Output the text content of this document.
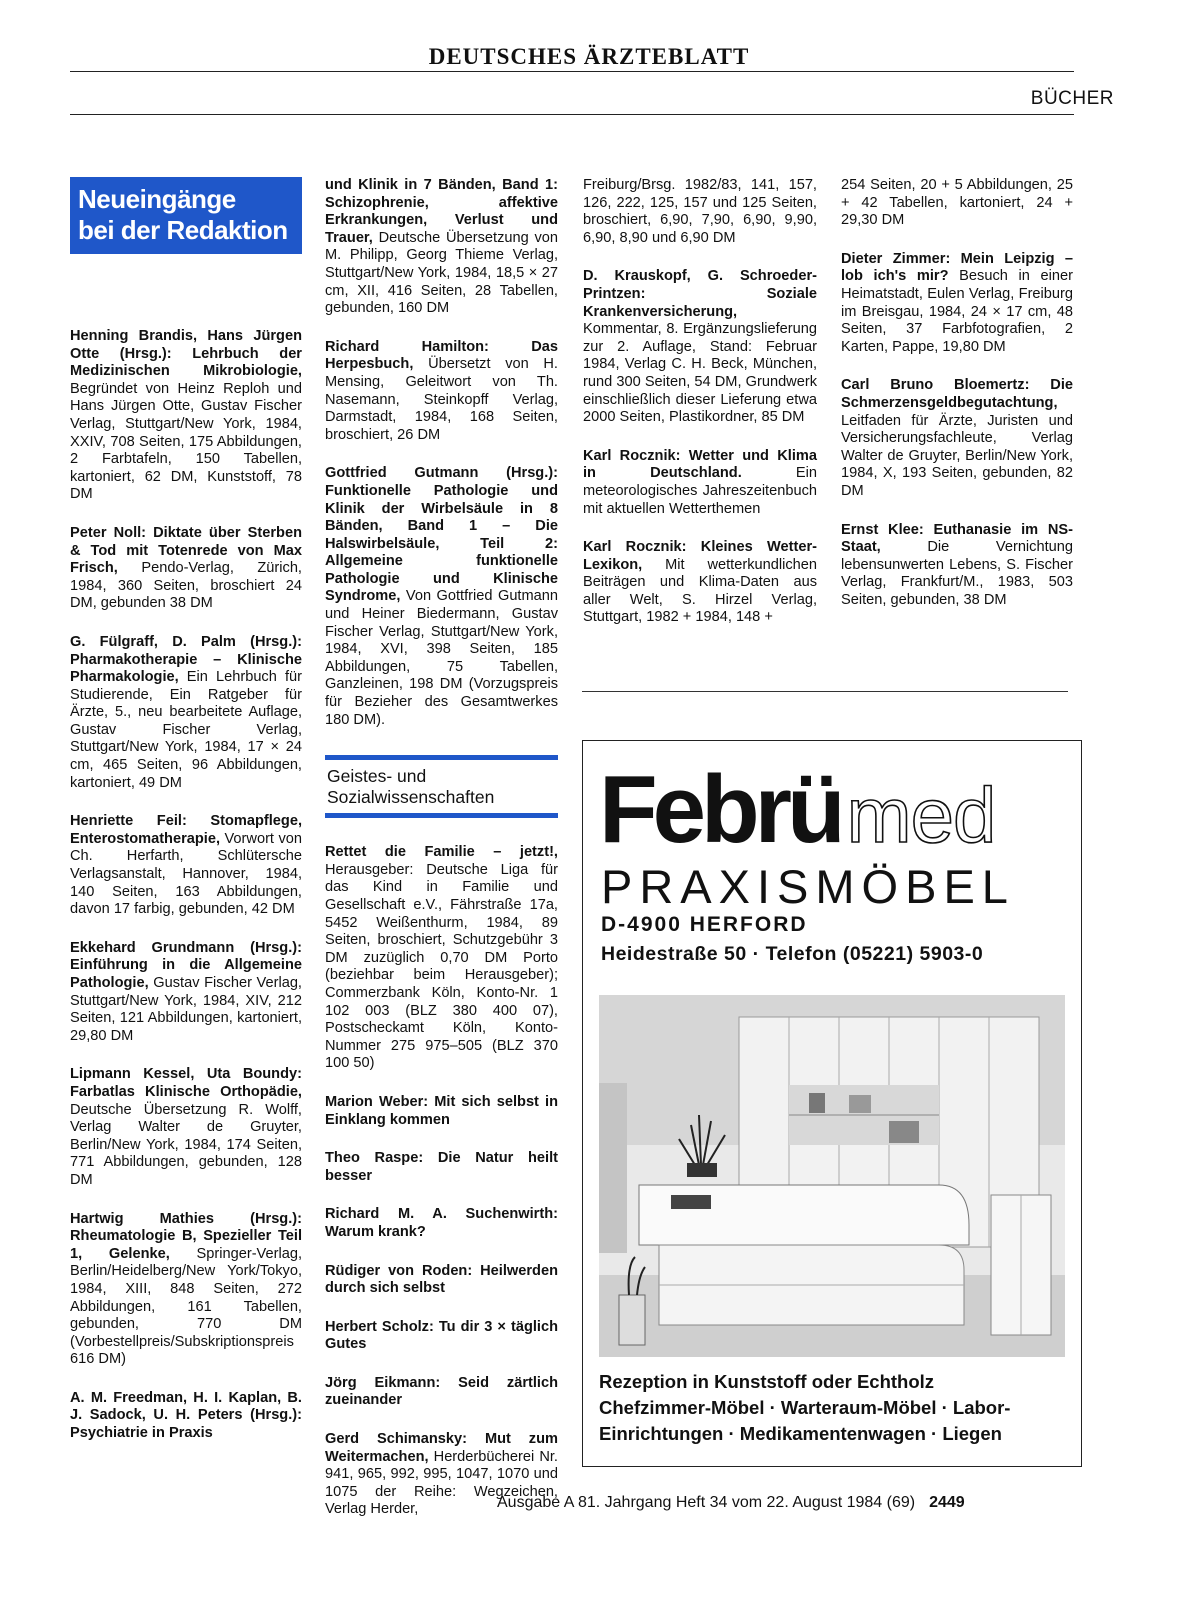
DEUTSCHES ÄRZTEBLATT
BÜCHER
Neueingänge
bei der Redaktion
Henning Brandis, Hans Jürgen Otte (Hrsg.): Lehrbuch der Medizinischen Mikrobiologie, Begründet von Heinz Reploh und Hans Jürgen Otte, Gustav Fischer Verlag, Stuttgart/New York, 1984, XXIV, 708 Seiten, 175 Abbildungen, 2 Farbtafeln, 150 Tabellen, kartoniert, 62 DM, Kunststoff, 78 DM
Peter Noll: Diktate über Sterben & Tod mit Totenrede von Max Frisch, Pendo-Verlag, Zürich, 1984, 360 Seiten, broschiert 24 DM, gebunden 38 DM
G. Fülgraff, D. Palm (Hrsg.): Pharmakotherapie – Klinische Pharmakologie, Ein Lehrbuch für Studierende, Ein Ratgeber für Ärzte, 5., neu bearbeitete Auflage, Gustav Fischer Verlag, Stuttgart/New York, 1984, 17 × 24 cm, 465 Seiten, 96 Abbildungen, kartoniert, 49 DM
Henriette Feil: Stomapflege, Enterostomatherapie, Vorwort von Ch. Herfarth, Schlütersche Verlagsanstalt, Hannover, 1984, 140 Seiten, 163 Abbildungen, davon 17 farbig, gebunden, 42 DM
Ekkehard Grundmann (Hrsg.): Einführung in die Allgemeine Pathologie, Gustav Fischer Verlag, Stuttgart/New York, 1984, XIV, 212 Seiten, 121 Abbildungen, kartoniert, 29,80 DM
Lipmann Kessel, Uta Boundy: Farbatlas Klinische Orthopädie, Deutsche Übersetzung R. Wolff, Verlag Walter de Gruyter, Berlin/New York, 1984, 174 Seiten, 771 Abbildungen, gebunden, 128 DM
Hartwig Mathies (Hrsg.): Rheumatologie B, Spezieller Teil 1, Gelenke, Springer-Verlag, Berlin/Heidelberg/New York/Tokyo, 1984, XIII, 848 Seiten, 272 Abbildungen, 161 Tabellen, gebunden, 770 DM (Vorbestellpreis/Subskriptionspreis 616 DM)
A. M. Freedman, H. I. Kaplan, B. J. Sadock, U. H. Peters (Hrsg.): Psychiatrie in Praxis
und Klinik in 7 Bänden, Band 1: Schizophrenie, affektive Erkrankungen, Verlust und Trauer, Deutsche Übersetzung von M. Philipp, Georg Thieme Verlag, Stuttgart/New York, 1984, 18,5 × 27 cm, XII, 416 Seiten, 28 Tabellen, gebunden, 160 DM
Richard Hamilton: Das Herpesbuch, Übersetzt von H. Mensing, Geleitwort von Th. Nasemann, Steinkopff Verlag, Darmstadt, 1984, 168 Seiten, broschiert, 26 DM
Gottfried Gutmann (Hrsg.): Funktionelle Pathologie und Klinik der Wirbelsäule in 8 Bänden, Band 1 – Die Halswirbelsäule, Teil 2: Allgemeine funktionelle Pathologie und Klinische Syndrome, Von Gottfried Gutmann und Heiner Biedermann, Gustav Fischer Verlag, Stuttgart/New York, 1984, XVI, 398 Seiten, 185 Abbildungen, 75 Tabellen, Ganzleinen, 198 DM (Vorzugspreis für Bezieher des Gesamtwerkes 180 DM).
Geistes- und
Sozialwissenschaften
Rettet die Familie – jetzt!, Herausgeber: Deutsche Liga für das Kind in Familie und Gesellschaft e.V., Fährstraße 17a, 5452 Weißenthurm, 1984, 89 Seiten, broschiert, Schutzgebühr 3 DM zuzüglich 0,70 DM Porto (beziehbar beim Herausgeber); Commerzbank Köln, Konto-Nr. 1 102 003 (BLZ 380 400 07), Postscheckamt Köln, Konto-Nummer 275 975–505 (BLZ 370 100 50)
Marion Weber: Mit sich selbst in Einklang kommen
Theo Raspe: Die Natur heilt besser
Richard M. A. Suchenwirth: Warum krank?
Rüdiger von Roden: Heilwerden durch sich selbst
Herbert Scholz: Tu dir 3 × täglich Gutes
Jörg Eikmann: Seid zärtlich zueinander
Gerd Schimansky: Mut zum Weitermachen, Herderbücherei Nr. 941, 965, 992, 995, 1047, 1070 und 1075 der Reihe: Wegzeichen, Verlag Herder,
Freiburg/Brsg. 1982/83, 141, 157, 126, 222, 125, 157 und 125 Seiten, broschiert, 6,90, 7,90, 6,90, 9,90, 6,90, 8,90 und 6,90 DM
D. Krauskopf, G. Schroeder-Printzen: Soziale Krankenversicherung, Kommentar, 8. Ergänzungslieferung zur 2. Auflage, Stand: Februar 1984, Verlag C. H. Beck, München, rund 300 Seiten, 54 DM, Grundwerk einschließlich dieser Lieferung etwa 2000 Seiten, Plastikordner, 85 DM
Karl Rocznik: Wetter und Klima in Deutschland. Ein meteorologisches Jahreszeitenbuch mit aktuellen Wetterthemen
Karl Rocznik: Kleines Wetter-Lexikon, Mit wetterkundlichen Beiträgen und Klima-Daten aus aller Welt, S. Hirzel Verlag, Stuttgart, 1982 + 1984, 148 +
254 Seiten, 20 + 5 Abbildungen, 25 + 42 Tabellen, kartoniert, 24 + 29,30 DM
Dieter Zimmer: Mein Leipzig – lob ich's mir? Besuch in einer Heimatstadt, Eulen Verlag, Freiburg im Breisgau, 1984, 24 × 17 cm, 48 Seiten, 37 Farbfotografien, 2 Karten, Pappe, 19,80 DM
Carl Bruno Bloemertz: Die Schmerzensgeldbegutachtung, Leitfaden für Ärzte, Juristen und Versicherungsfachleute, Verlag Walter de Gruyter, Berlin/New York, 1984, X, 193 Seiten, gebunden, 82 DM
Ernst Klee: Euthanasie im NS-Staat, Die Vernichtung lebensunwerten Lebens, S. Fischer Verlag, Frankfurt/M., 1983, 503 Seiten, gebunden, 38 DM
Febrümed
PRAXISMÖBEL
D-4900 HERFORD
Heidestraße 50 · Telefon (05221) 5903-0
Rezeption in Kunststoff oder Echtholz
Chefzimmer-Möbel · Warteraum-Möbel · Labor-
Einrichtungen · Medikamentenwagen · Liegen
Ausgabe A 81. Jahrgang Heft 34 vom 22. August 1984 (69) 2449
